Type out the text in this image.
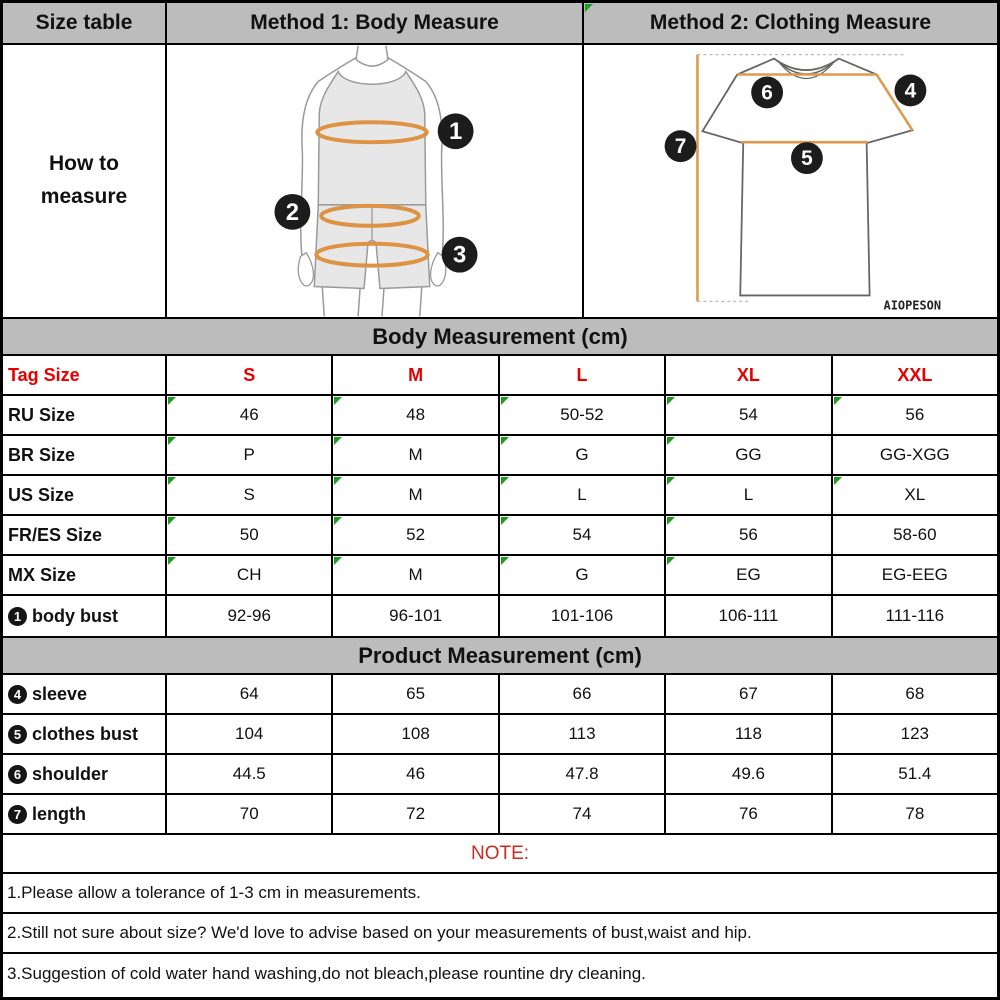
Size table	Method 1: Body Measure	Method 2: Clothing Measure
How to
measure
1
2
3
6	4
5
7
AIOPESON
Body Measurement (cm)
Tag Size	S	M	L	XL	XXL
RU Size	46	48	50-52	54	56
BR Size	P	M	G	GG	GG-XGG
US Size	S	M	L	L	XL
FR/ES Size	50	52	54	56	58-60
MX Size	CH	M	G	EG	EG-EEG
1 body bust	92-96	96-101	101-106	106-111	111-116
Product Measurement (cm)
4 sleeve	64	65	66	67	68
5 clothes bust	104	108	113	118	123
6 shoulder	44.5	46	47.8	49.6	51.4
7 length	70	72	74	76	78
NOTE:
1.Please allow a tolerance of 1-3 cm in measurements.
2.Still not sure about size? We'd love to advise based on your measurements of bust,waist and hip.
3.Suggestion of cold water hand washing,do not bleach,please rountine dry cleaning.
